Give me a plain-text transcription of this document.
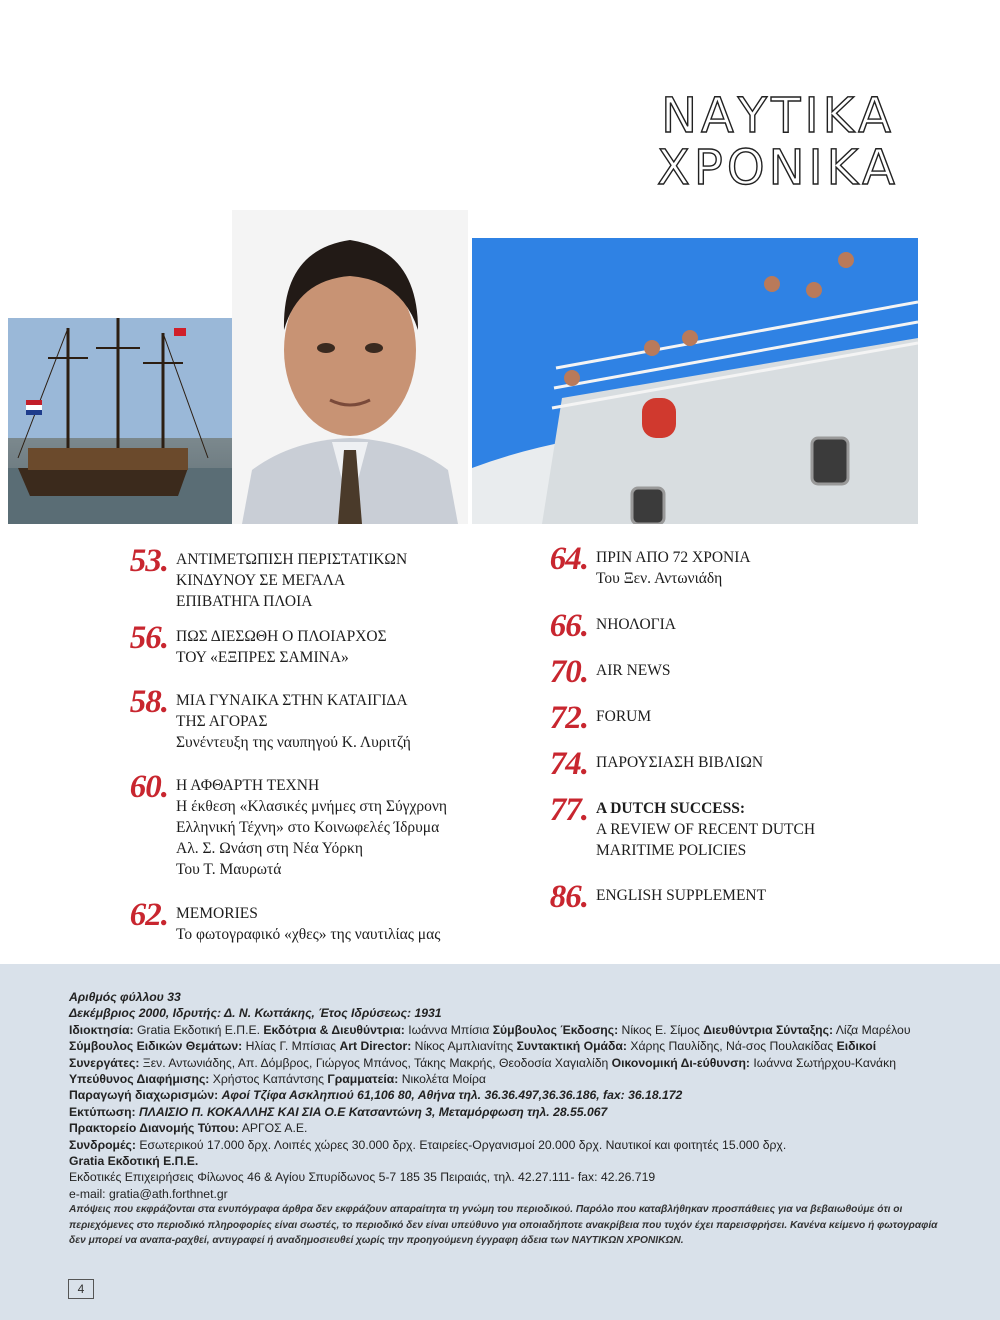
ΝΑΥΤΙΚΑ
ΧΡΟΝΙΚΑ
53. ΑΝΤΙΜΕΤΩΠΙΣΗ ΠΕΡΙΣΤΑΤΙΚΩΝ
ΚΙΝΔΥΝΟΥ ΣΕ ΜΕΓΑΛΑ
ΕΠΙΒΑΤΗΓΑ ΠΛΟΙΑ
56. ΠΩΣ ΔΙΕΣΩΘΗ Ο ΠΛΟΙΑΡΧΟΣ
ΤΟΥ «ΕΞΠΡΕΣ ΣΑΜΙΝΑ»
58. ΜΙΑ ΓΥΝΑΙΚΑ ΣΤΗΝ ΚΑΤΑΙΓΙΔΑ
ΤΗΣ ΑΓΟΡΑΣ
Συνέντευξη της ναυπηγού Κ. Λυριτζή
60. Η ΑΦΘΑΡΤΗ ΤΕΧΝΗ
Η έκθεση «Κλασικές μνήμες στη Σύγχρονη
Ελληνική Τέχνη» στο Κοινωφελές Ίδρυμα
Αλ. Σ. Ωνάση στη Νέα Υόρκη
Του Τ. Μαυρωτά
62. MEMORIES
Το φωτογραφικό «χθες» της ναυτιλίας μας
64. ΠΡΙΝ ΑΠΟ 72 ΧΡΟΝΙΑ
Του Ξεν. Αντωνιάδη
66. ΝΗΟΛΟΓΙΑ
70. AIR NEWS
72. FORUM
74. ΠΑΡΟΥΣΙΑΣΗ ΒΙΒΛΙΩΝ
77. A DUTCH SUCCESS:
A REVIEW OF RECENT DUTCH
MARITIME POLICIES
86. ENGLISH SUPPLEMENT

Αριθμός φύλλου 33

Δεκέμβριος 2000, Ιδρυτής: Δ. Ν. Κωττάκης, Έτος Ιδρύσεως: 1931

Ιδιοκτησία: Gratia Εκδοτική Ε.Π.Ε. Εκδότρια & Διευθύντρια: Ιωάννα Μπίσια Σύμβουλος Έκδοσης: Νίκος Ε. Σίμος Διευθύντρια Σύνταξης: Λίζα Μαρέλου Σύμβουλος Ειδικών Θεμάτων: Ηλίας Γ. Μπίσιας Art Director: Νίκος Αμπλιανίτης Συντακτική Ομάδα: Χάρης Παυλίδης, Νά-σος Πουλακίδας Ειδικοί Συνεργάτες: Ξεν. Αντωνιάδης, Απ. Δόμβρος, Γιώργος Μπάνος, Τάκης Μακρής, Θεοδοσία Χαγιαλίδη Οικονομική Δι-εύθυνση: Ιωάννα Σωτήρχου-Κανάκη Υπεύθυνος Διαφήμισης: Χρήστος Καπάντσης Γραμματεία: Νικολέτα Μοίρα

Παραγωγή διαχωρισμών: Αφοί Τζίφα Ασκληπιού 61,106 80, Αθήνα τηλ. 36.36.497,36.36.186, fax: 36.18.172

Εκτύπωση: ΠΛΑΙΣΙΟ Π. ΚΟΚΑΛΛΗΣ ΚΑΙ ΣΙΑ Ο.Ε Κατσαντώνη 3, Μεταμόρφωση τηλ. 28.55.067

Πρακτορείο Διανομής Τύπου: ΑΡΓΟΣ Α.Ε.

Συνδρομές: Εσωτερικού 17.000 δρχ. Λοιπές χώρες 30.000 δρχ. Εταιρείες-Οργανισμοί 20.000 δρχ. Ναυτικοί και φοιτητές 15.000 δρχ.

Gratia Εκδοτική Ε.Π.Ε.

Εκδοτικές Επιχειρήσεις Φίλωνος 46 & Αγίου Σπυρίδωνος 5-7 185 35 Πειραιάς, τηλ. 42.27.111- fax: 42.26.719

e-mail: gratia@ath.forthnet.gr

Απόψεις που εκφράζονται στα ενυπόγραφα άρθρα δεν εκφράζουν απαραίτητα τη γνώμη του περιοδικού. Παρόλο που καταβλήθηκαν προσπάθειες για να βεβαιωθούμε ότι οι περιεχόμενες στο περιοδικό πληροφορίες είναι σωστές, το περιοδικό δεν είναι υπεύθυνο για οποιαδήποτε ανακρίβεια που τυχόν έχει παρεισφρήσει. Κανένα κείμενο ή φωτογραφία δεν μπορεί να αναπα-ραχθεί, αντιγραφεί ή αναδημοσιευθεί χωρίς την προηγούμενη έγγραφη άδεια των ΝΑΥΤΙΚΩΝ ΧΡΟΝΙΚΩΝ.

4
